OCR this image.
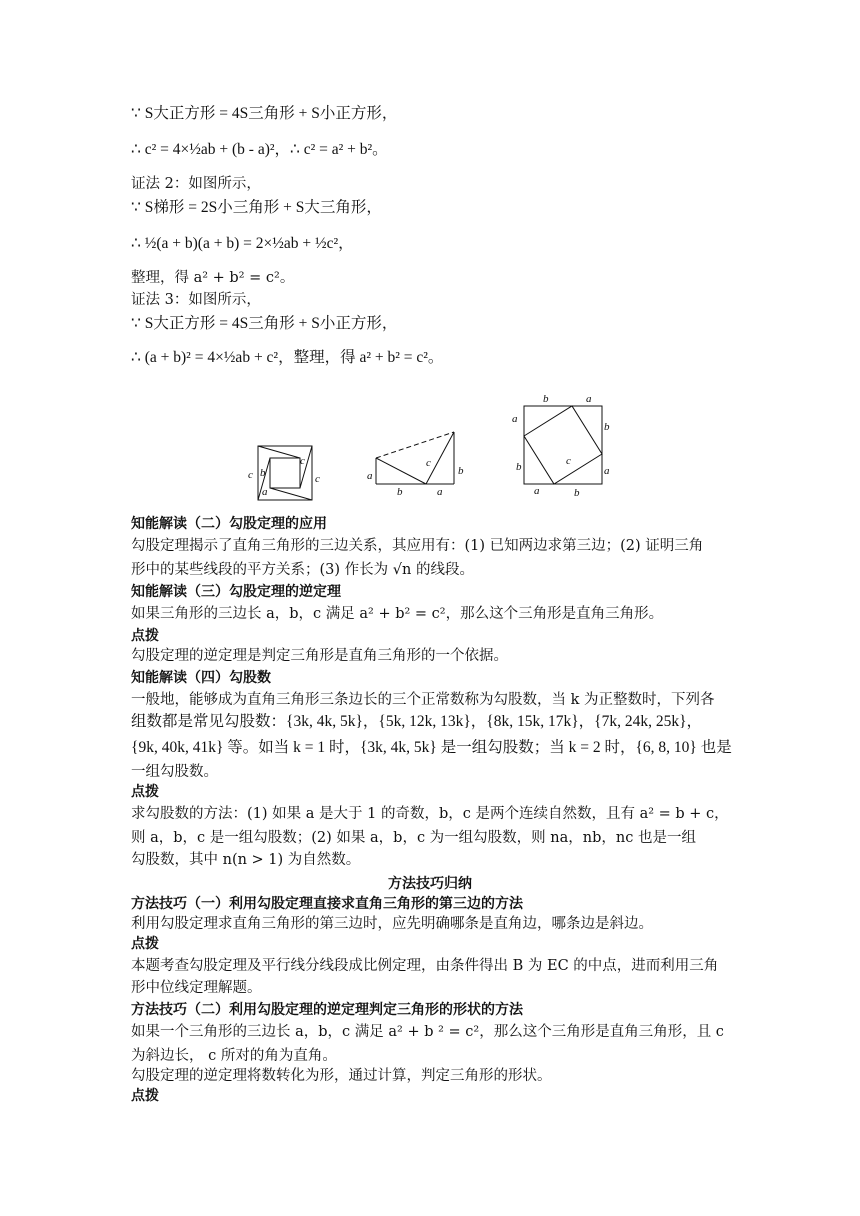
∵ S大正方形 = 4S三角形 + S小正方形，
∴ c² = 4×½ab + (b - a)²，∴ c² = a² + b²。
证法 2：如图所示，
∵ S梯形 = 2S小三角形 + S大三角形，
∴ ½(a + b)(a + b) = 2×½ab + ½c²，
整理，得 a² + b² = c²。
证法 3：如图所示，
∵ S大正方形 = 4S三角形 + S小正方形，
∴ (a + b)² = 4×½ab + c²，整理，得 a² + b² = c²。
c b
a
c
c
c
a
b
b
a
b	a
a
b
c
b	a
a	b
知能解读（二）勾股定理的应用
勾股定理揭示了直角三角形的三边关系，其应用有：(1) 已知两边求第三边；(2) 证明三角
形中的某些线段的平方关系；(3) 作长为 √n 的线段。
知能解读（三）勾股定理的逆定理
如果三角形的三边长 a，b，c 满足 a² + b² = c²，那么这个三角形是直角三角形。
点拨
勾股定理的逆定理是判定三角形是直角三角形的一个依据。
知能解读（四）勾股数
一般地，能够成为直角三角形三条边长的三个正常数称为勾股数，当 k 为正整数时，下列各
组数都是常见勾股数：{3k, 4k, 5k}，{5k, 12k, 13k}，{8k, 15k, 17k}，{7k, 24k, 25k}，
{9k, 40k, 41k} 等。如当 k = 1 时，{3k, 4k, 5k} 是一组勾股数；当 k = 2 时，{6, 8, 10} 也是
一组勾股数。
点拨
求勾股数的方法：(1) 如果 a 是大于 1 的奇数，b，c 是两个连续自然数，且有 a² = b + c，
则 a，b，c 是一组勾股数；(2) 如果 a，b，c 为一组勾股数，则 na，nb，nc 也是一组
勾股数，其中 n(n > 1) 为自然数。
方法技巧归纳
方法技巧（一）利用勾股定理直接求直角三角形的第三边的方法
利用勾股定理求直角三角形的第三边时，应先明确哪条是直角边，哪条边是斜边。
点拨
本题考查勾股定理及平行线分线段成比例定理，由条件得出 B 为 EC 的中点，进而利用三角
形中位线定理解题。
方法技巧（二）利用勾股定理的逆定理判定三角形的形状的方法
如果一个三角形的三边长 a，b，c 满足 a² + b ² = c²，那么这个三角形是直角三角形，且 c
为斜边长， c 所对的角为直角。
勾股定理的逆定理将数转化为形，通过计算，判定三角形的形状。
点拨
